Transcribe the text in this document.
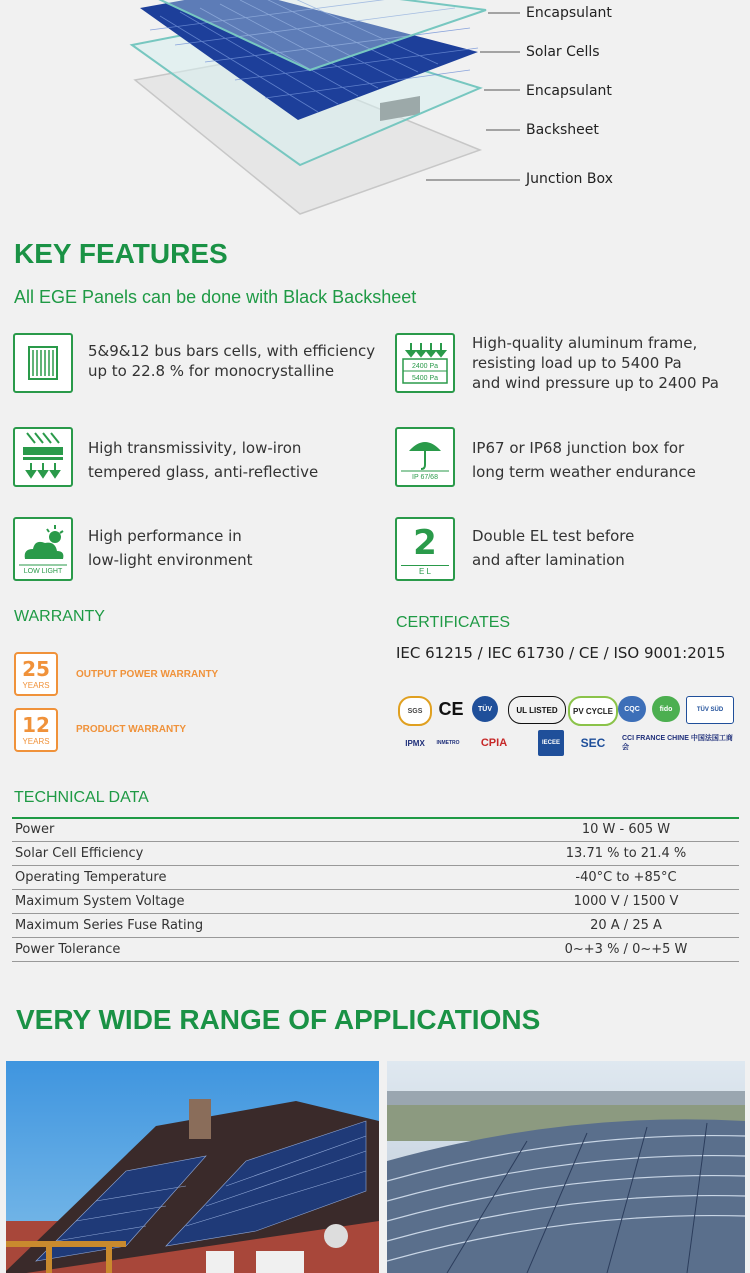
Encapsulant
Solar Cells
Encapsulant
Backsheet
Junction Box
KEY FEATURES
All EGE Panels can be done with Black Backsheet
5&9&12 bus bars cells, with efficiency
up to 22.8 % for monocrystalline	2400 Pa
5400 Pa
High-quality aluminum frame,
resisting load up to 5400 Pa
and wind pressure up to 2400 Pa
High transmissivity, low-iron
tempered glass, anti-reflective	IP 67/68
IP67 or IP68 junction box for
long term weather endurance
LOW LIGHT
High performance in
low-light environment	2
E L
Double EL test before
and after lamination
WARRANTY
25
YEARS
OUTPUT POWER WARRANTY
12
YEARS
PRODUCT WARRANTY
CERTIFICATES
IEC 61215 / IEC 61730 / CE / ISO 9001:2015
SGS CE	TÜV	UL LISTED	PV CYCLE	CQC	fido	TÜV SÜD
IPMX	INMETRO	CPIA	IECEE	SEC	CCI FRANCE CHINE 中国法国工商会
TECHNICAL DATA
Power	10 W - 605 W
Solar Cell Efficiency	13.71 % to 21.4 %
Operating Temperature	-40°C to +85°C
Maximum System Voltage	1000 V / 1500 V
Maximum Series Fuse Rating	20 A / 25 A
Power Tolerance	0~+3 % / 0~+5 W
VERY WIDE RANGE OF APPLICATIONS
